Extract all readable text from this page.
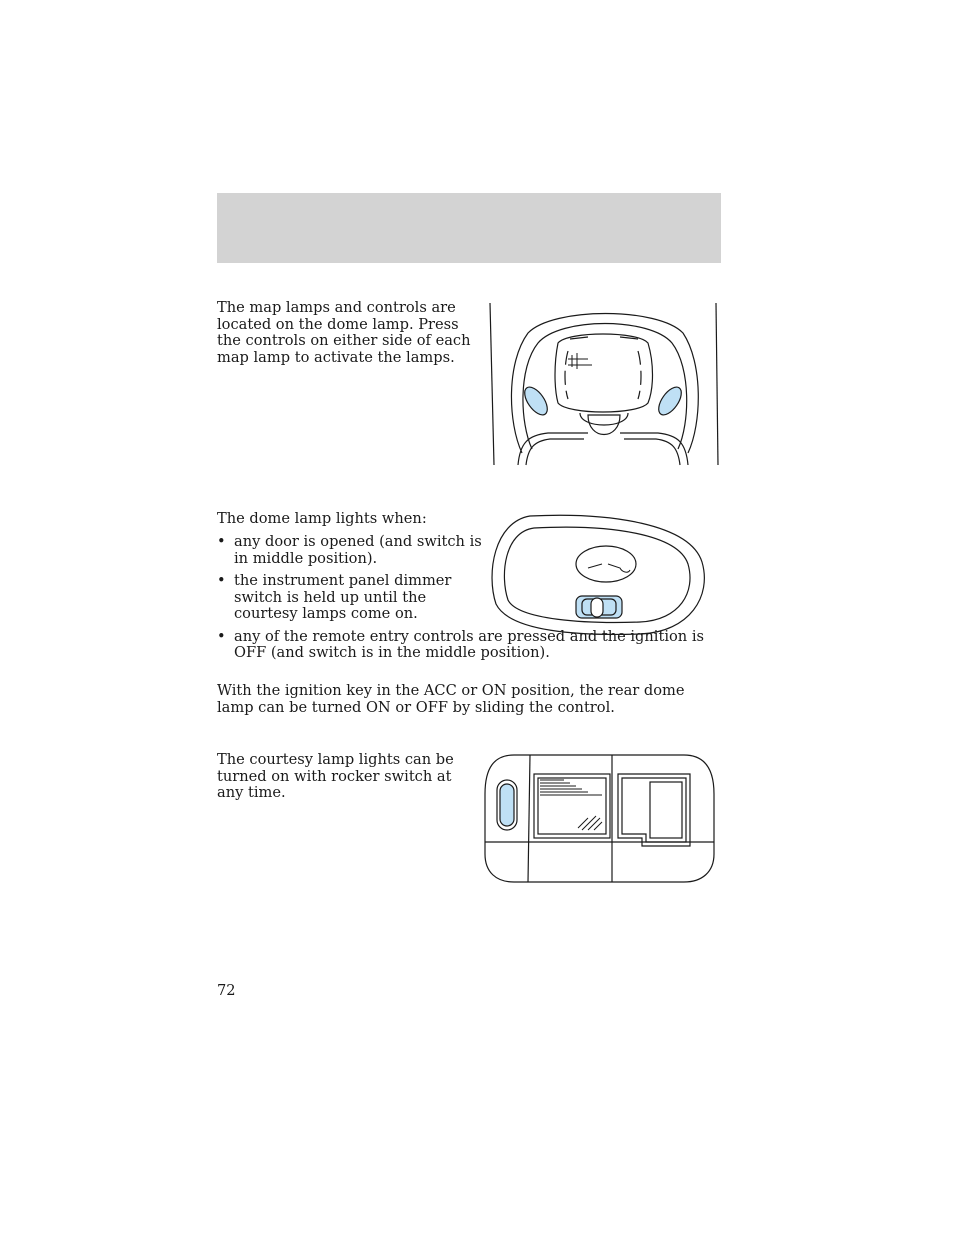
The map lamps and controls are located on the dome lamp. Press the controls on either side of each map lamp to activate the lamps.

The dome lamp lights when:

• any door is opened (and switch is in middle position).
• the instrument panel dimmer switch is held up until the courtesy lamps come on.
• any of the remote entry controls are pressed and the ignition is OFF (and switch is in the middle position).

With the ignition key in the ACC or ON position, the rear dome lamp can be turned ON or OFF by sliding the control.

The courtesy lamp lights can be turned on with rocker switch at any time.

72
